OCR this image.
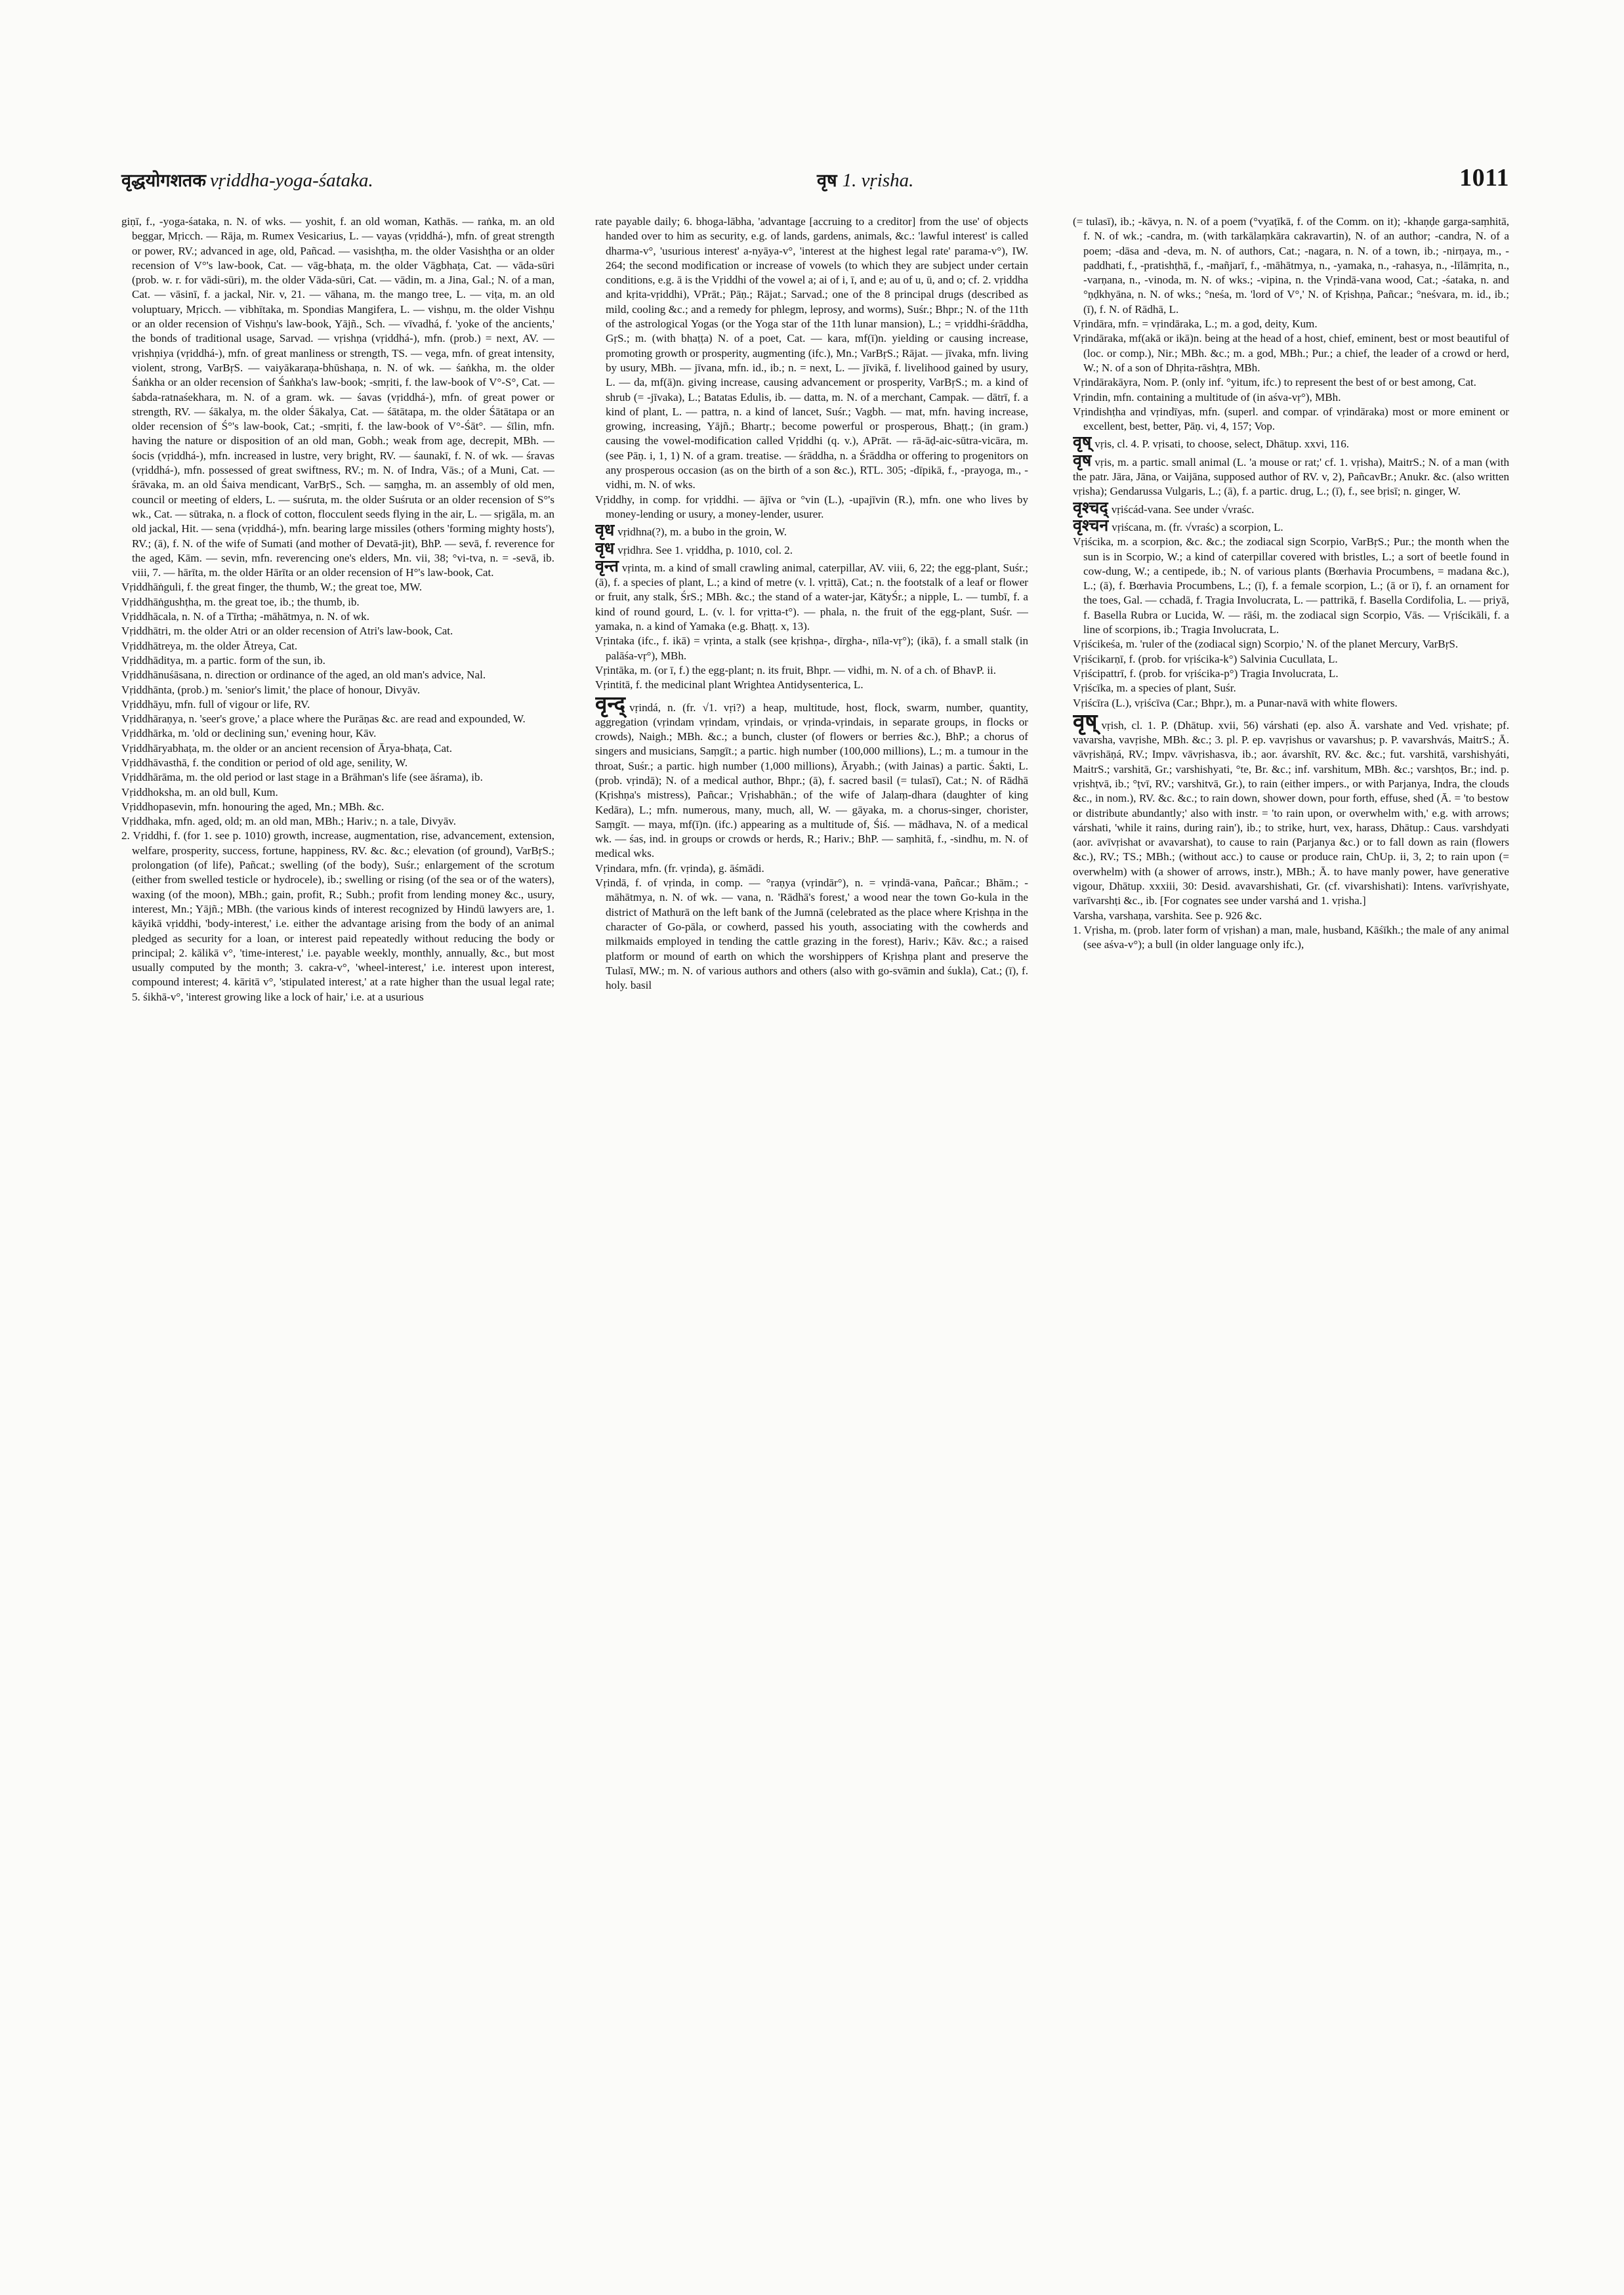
वृद्धयोगशतक vṛiddha-yoga-śataka.	वृष 1. vṛisha.	1011

giṇī, f., -yoga-śataka, n. N. of wks. — yoshit, f. an old woman, Kathās. — raṅka, m. an old beggar, Mṛicch. — Rāja, m. Rumex Vesicarius, L. — vayas (vṛiddhá-), mfn. of great strength or power, RV.; advanced in age, old, Pañcad. — vasishṭha, m. the older Vasishṭha or an older recension of V°'s law-book, Cat. — vāg-bhaṭa, m. the older Vāgbhaṭa, Cat. — vāda-sūri (prob. w. r. for vādi-sūri), m. the older Vāda-sūri, Cat. — vādin, m. a Jina, Gal.; N. of a man, Cat. — vāsinī, f. a jackal, Nir. v, 21. — vāhana, m. the mango tree, L. — viṭa, m. an old voluptuary, Mṛicch. — vibhītaka, m. Spondias Mangifera, L. — vishṇu, m. the older Vishṇu or an older recension of Vishṇu's law-book, Yājñ., Sch. — vīvadhá, f. 'yoke of the ancients,' the bonds of traditional usage, Sarvad. — vṛishṇa (vṛiddhá-), mfn. (prob.) = next, AV. — vṛishṇiya (vṛiddhá-), mfn. of great manliness or strength, TS. — vega, mfn. of great intensity, violent, strong, VarBṛS. — vaiyākaraṇa-bhūshaṇa, n. N. of wk. — śaṅkha, m. the older Śaṅkha or an older recension of Śaṅkha's law-book; -smṛiti, f. the law-book of V°-S°, Cat. — śabda-ratnaśekhara, m. N. of a gram. wk. — śavas (vṛiddhá-), mfn. of great power or strength, RV. — śākalya, m. the older Śākalya, Cat. — śātātapa, m. the older Śātātapa or an older recension of Ś°'s law-book, Cat.; -smṛiti, f. the law-book of V°-Śāt°. — śīlin, mfn. having the nature or disposition of an old man, Gobh.; weak from age, decrepit, MBh. — śocis (vṛiddhá-), mfn. increased in lustre, very bright, RV. — śaunakī, f. N. of wk. — śravas (vṛiddhá-), mfn. possessed of great swiftness, RV.; m. N. of Indra, Vās.; of a Muni, Cat. — śrāvaka, m. an old Śaiva mendicant, VarBṛS., Sch. — saṃgha, m. an assembly of old men, council or meeting of elders, L. — suśruta, m. the older Suśruta or an older recension of S°'s wk., Cat. — sūtraka, n. a flock of cotton, flocculent seeds flying in the air, L. — sṛigāla, m. an old jackal, Hit. — sena (vṛiddhá-), mfn. bearing large missiles (others 'forming mighty hosts'), RV.; (ā), f. N. of the wife of Sumati (and mother of Devatā-jit), BhP. — sevā, f. reverence for the aged, Kām. — sevin, mfn. reverencing one's elders, Mn. vii, 38; °vi-tva, n. = -sevā, ib. viii, 7. — hārīta, m. the older Hārīta or an older recension of H°'s law-book, Cat.

Vṛiddhāṅguli, f. the great finger, the thumb, W.; the great toe, MW.

Vṛiddhāṅgushṭha, m. the great toe, ib.; the thumb, ib.

Vṛiddhācala, n. N. of a Tīrtha; -māhātmya, n. N. of wk.

Vṛiddhātri, m. the older Atri or an older recension of Atri's law-book, Cat.

Vṛiddhātreya, m. the older Ātreya, Cat.

Vṛiddhāditya, m. a partic. form of the sun, ib.

Vṛiddhānuśāsana, n. direction or ordinance of the aged, an old man's advice, Nal.

Vṛiddhānta, (prob.) m. 'senior's limit,' the place of honour, Divyāv.

Vṛiddhāyu, mfn. full of vigour or life, RV.

Vṛiddhāraṇya, n. 'seer's grove,' a place where the Purāṇas &c. are read and expounded, W.

Vṛiddhārka, m. 'old or declining sun,' evening hour, Kāv.

Vṛiddhāryabhaṭa, m. the older or an ancient recension of Ārya-bhaṭa, Cat.

Vṛiddhāvasthā, f. the condition or period of old age, senility, W.

Vṛiddhārāma, m. the old period or last stage in a Brāhman's life (see āśrama), ib.

Vṛiddhoksha, m. an old bull, Kum.

Vṛiddhopasevin, mfn. honouring the aged, Mn.; MBh. &c.

Vṛiddhaka, mfn. aged, old; m. an old man, MBh.; Hariv.; n. a tale, Divyāv.

2. Vṛiddhi, f. (for 1. see p. 1010) growth, increase, augmentation, rise, advancement, extension, welfare, prosperity, success, fortune, happiness, RV. &c. &c.; elevation (of ground), VarBṛS.; prolongation (of life), Pañcat.; swelling (of the body), Suśr.; enlargement of the scrotum (either from swelled testicle or hydrocele), ib.; swelling or rising (of the sea or of the waters), waxing (of the moon), MBh.; gain, profit, R.; Subh.; profit from lending money &c., usury, interest, Mn.; Yājñ.; MBh. (the various kinds of interest recognized by Hindū lawyers are, 1. kāyikā vṛiddhi, 'body-interest,' i.e. either the advantage arising from the body of an animal pledged as security for a loan, or interest paid repeatedly without reducing the body or principal; 2. kālikā v°, 'time-interest,' i.e. payable weekly, monthly, annually, &c., but most usually computed by the month; 3. cakra-v°, 'wheel-interest,' i.e. interest upon interest, compound interest; 4. kāritā v°, 'stipulated interest,' at a rate higher than the usual legal rate; 5. śikhā-v°, 'interest growing like a lock of hair,' i.e. at a usurious

rate payable daily; 6. bhoga-lābha, 'advantage [accruing to a creditor] from the use' of objects handed over to him as security, e.g. of lands, gardens, animals, &c.: 'lawful interest' is called dharma-v°, 'usurious interest' a-nyāya-v°, 'interest at the highest legal rate' parama-v°), IW. 264; the second modification or increase of vowels (to which they are subject under certain conditions, e.g. ā is the Vṛiddhi of the vowel a; ai of i, ī, and e; au of u, ū, and o; cf. 2. vṛiddha and kṛita-vṛiddhi), VPrāt.; Pāṇ.; Rājat.; Sarvad.; one of the 8 principal drugs (described as mild, cooling &c.; and a remedy for phlegm, leprosy, and worms), Suśr.; Bhpr.; N. of the 11th of the astrological Yogas (or the Yoga star of the 11th lunar mansion), L.; = vṛiddhi-śrāddha, GṛS.; m. (with bhaṭṭa) N. of a poet, Cat. — kara, mf(ī)n. yielding or causing increase, promoting growth or prosperity, augmenting (ifc.), Mn.; VarBṛS.; Rājat. — jīvaka, mfn. living by usury, MBh. — jīvana, mfn. id., ib.; n. = next, L. — jīvikā, f. livelihood gained by usury, L. — da, mf(ā)n. giving increase, causing advancement or prosperity, VarBṛS.; m. a kind of shrub (= -jīvaka), L.; Batatas Edulis, ib. — datta, m. N. of a merchant, Campak. — dātrī, f. a kind of plant, L. — pattra, n. a kind of lancet, Suśr.; Vagbh. — mat, mfn. having increase, growing, increasing, Yājñ.; Bhartṛ.; become powerful or prosperous, Bhaṭṭ.; (in gram.) causing the vowel-modification called Vṛiddhi (q. v.), APrāt. — rā-āḍ-aic-sūtra-vicāra, m. (see Pāṇ. i, 1, 1) N. of a gram. treatise. — śrāddha, n. a Śrāddha or offering to progenitors on any prosperous occasion (as on the birth of a son &c.), RTL. 305; -dīpikā, f., -prayoga, m., -vidhi, m. N. of wks.

Vṛiddhy, in comp. for vṛiddhi. — ājīva or °vin (L.), -upajīvin (R.), mfn. one who lives by money-lending or usury, a money-lender, usurer.

वृध vṛidhna(?), m. a bubo in the groin, W.

वृध vṛidhra. See 1. vṛiddha, p. 1010, col. 2.

वृन्त vṛinta, m. a kind of small crawling animal, caterpillar, AV. viii, 6, 22; the egg-plant, Suśr.; (ā), f. a species of plant, L.; a kind of metre (v. l. vṛittā), Cat.; n. the footstalk of a leaf or flower or fruit, any stalk, ŚrS.; MBh. &c.; the stand of a water-jar, KātyŚr.; a nipple, L. — tumbī, f. a kind of round gourd, L. (v. l. for vṛitta-t°). — phala, n. the fruit of the egg-plant, Suśr. — yamaka, n. a kind of Yamaka (e.g. Bhaṭṭ. x, 13).

Vṛintaka (ifc., f. ikā) = vṛinta, a stalk (see kṛishṇa-, dīrgha-, nīla-vṛ°); (ikā), f. a small stalk (in palāśa-vṛ°), MBh.

Vṛintāka, m. (or ī, f.) the egg-plant; n. its fruit, Bhpr. — vidhi, m. N. of a ch. of BhavP. ii.

Vṛintitā, f. the medicinal plant Wrightea Antidysenterica, L.

वृन्द् vṛindá, n. (fr. √1. vṛi?) a heap, multitude, host, flock, swarm, number, quantity, aggregation (vṛindam vṛindam, vṛindais, or vṛinda-vṛindais, in separate groups, in flocks or crowds), Naigh.; MBh. &c.; a bunch, cluster (of flowers or berries &c.), BhP.; a chorus of singers and musicians, Saṃgīt.; a partic. high number (100,000 millions), L.; m. a tumour in the throat, Suśr.; a partic. high number (1,000 millions), Āryabh.; (with Jainas) a partic. Śakti, L. (prob. vṛindā); N. of a medical author, Bhpr.; (ā), f. sacred basil (= tulasī), Cat.; N. of Rādhā (Kṛishṇa's mistress), Pañcar.; Vṛishabhān.; of the wife of Jalaṃ-dhara (daughter of king Kedāra), L.; mfn. numerous, many, much, all, W. — gāyaka, m. a chorus-singer, chorister, Saṃgīt. — maya, mf(ī)n. (ifc.) appearing as a multitude of, Śiś. — mādhava, N. of a medical wk. — śas, ind. in groups or crowds or herds, R.; Hariv.; BhP. — saṃhitā, f., -sindhu, m. N. of medical wks.

Vṛindara, mfn. (fr. vṛinda), g. āśmādi.

Vṛindā, f. of vṛinda, in comp. — °raṇya (vṛindār°), n. = vṛindā-vana, Pañcar.; Bhām.; -māhātmya, n. N. of wk. — vana, n. 'Rādhā's forest,' a wood near the town Go-kula in the district of Mathurā on the left bank of the Jumnā (celebrated as the place where Kṛishṇa in the character of Go-pāla, or cowherd, passed his youth, associating with the cowherds and milkmaids employed in tending the cattle grazing in the forest), Hariv.; Kāv. &c.; a raised platform or mound of earth on which the worshippers of Kṛishṇa plant and preserve the Tulasī, MW.; m. N. of various authors and others (also with go-svāmin and śukla), Cat.; (ī), f. holy. basil

(= tulasī), ib.; -kāvya, n. N. of a poem (°vyaṭīkā, f. of the Comm. on it); -khaṇḍe garga-saṃhitā, f. N. of wk.; -candra, m. (with tarkālaṃkāra cakravartin), N. of an author; -candra, N. of a poem; -dāsa and -deva, m. N. of authors, Cat.; -nagara, n. N. of a town, ib.; -nirṇaya, m., -paddhati, f., -pratishṭhā, f., -mañjarī, f., -māhātmya, n., -yamaka, n., -rahasya, n., -līlāmṛita, n., -varṇana, n., -vinoda, m. N. of wks.; -vipina, n. the Vṛindā-vana wood, Cat.; -śataka, n. and °ṇḍkhyāna, n. N. of wks.; °neśa, m. 'lord of V°,' N. of Kṛishṇa, Pañcar.; °neśvara, m. id., ib.; (ī), f. N. of Rādhā, L.

Vṛindāra, mfn. = vṛindāraka, L.; m. a god, deity, Kum.

Vṛindāraka, mf(akā or ikā)n. being at the head of a host, chief, eminent, best or most beautiful of (loc. or comp.), Nir.; MBh. &c.; m. a god, MBh.; Pur.; a chief, the leader of a crowd or herd, W.; N. of a son of Dhṛita-rāshṭra, MBh.

Vṛindārakāyra, Nom. P. (only inf. °yitum, ifc.) to represent the best of or best among, Cat.

Vṛindin, mfn. containing a multitude of (in aśva-vṛ°), MBh.

Vṛindishṭha and vṛindīyas, mfn. (superl. and compar. of vṛindāraka) most or more eminent or excellent, best, better, Pāṇ. vi, 4, 157; Vop.

वृष् vṛis, cl. 4. P. vṛisati, to choose, select, Dhātup. xxvi, 116.

वृष vṛis, m. a partic. small animal (L. 'a mouse or rat;' cf. 1. vṛisha), MaitrS.; N. of a man (with the patr. Jāra, Jāna, or Vaijāna, supposed author of RV. v, 2), PañcavBr.; Anukr. &c. (also written vṛisha); Gendarussa Vulgaris, L.; (ā), f. a partic. drug, L.; (ī), f., see bṛisī; n. ginger, W.

वृश्चद् vṛiścád-vana. See under √vraśc.

वृश्चन vṛiścana, m. (fr. √vraśc) a scorpion, L.

Vṛiścika, m. a scorpion, &c. &c.; the zodiacal sign Scorpio, VarBṛS.; Pur.; the month when the sun is in Scorpio, W.; a kind of caterpillar covered with bristles, L.; a sort of beetle found in cow-dung, W.; a centipede, ib.; N. of various plants (Bœrhavia Procumbens, = madana &c.), L.; (ā), f. Bœrhavia Procumbens, L.; (ī), f. a female scorpion, L.; (ā or ī), f. an ornament for the toes, Gal. — cchadā, f. Tragia Involucrata, L. — pattrikā, f. Basella Cordifolia, L. — priyā, f. Basella Rubra or Lucida, W. — rāśi, m. the zodiacal sign Scorpio, Vās. — Vṛiścikāli, f. a line of scorpions, ib.; Tragia Involucrata, L.

Vṛiścikeśa, m. 'ruler of the (zodiacal sign) Scorpio,' N. of the planet Mercury, VarBṛS.

Vṛiścikarṇī, f. (prob. for vṛiścika-k°) Salvinia Cucullata, L.

Vṛiścipattrī, f. (prob. for vṛiścika-p°) Tragia Involucrata, L.

Vṛiścīka, m. a species of plant, Suśr.

Vṛiścīra (L.), vṛiścīva (Car.; Bhpr.), m. a Punar-navā with white flowers.

वृष् vṛish, cl. 1. P. (Dhātup. xvii, 56) várshati (ep. also Ā. varshate and Ved. vṛishate; pf. vavarsha, vavṛishe, MBh. &c.; 3. pl. P. ep. vavṛishus or vavarshus; p. P. vavarshvás, MaitrS.; Ā. vāvṛishāṇá, RV.; Impv. vāvṛishasva, ib.; aor. ávarshīt, RV. &c. &c.; fut. varshitā, varshishyáti, MaitrS.; varshitā, Gr.; varshishyati, °te, Br. &c.; inf. varshitum, MBh. &c.; varshṭos, Br.; ind. p. vṛishṭvā, ib.; °ṭvī, RV.; varshitvā, Gr.), to rain (either impers., or with Parjanya, Indra, the clouds &c., in nom.), RV. &c. &c.; to rain down, shower down, pour forth, effuse, shed (Ā. = 'to bestow or distribute abundantly;' also with instr. = 'to rain upon, or overwhelm with,' e.g. with arrows; várshati, 'while it rains, during rain'), ib.; to strike, hurt, vex, harass, Dhātup.: Caus. varshdyati (aor. avīvṛishat or avavarshat), to cause to rain (Parjanya &c.) or to fall down as rain (flowers &c.), RV.; TS.; MBh.; (without acc.) to cause or produce rain, ChUp. ii, 3, 2; to rain upon (= overwhelm) with (a shower of arrows, instr.), MBh.; Ā. to have manly power, have generative vigour, Dhātup. xxxiii, 30: Desid. avavarshishati, Gr. (cf. vivarshishati): Intens. varīvṛishyate, varīvarshṭi &c., ib. [For cognates see under varshá and 1. vṛisha.]

Varsha, varshaṇa, varshita. See p. 926 &c.

1. Vṛisha, m. (prob. later form of vṛishan) a man, male, husband, Kāśīkh.; the male of any animal (see aśva-v°); a bull (in older language only ifc.),
